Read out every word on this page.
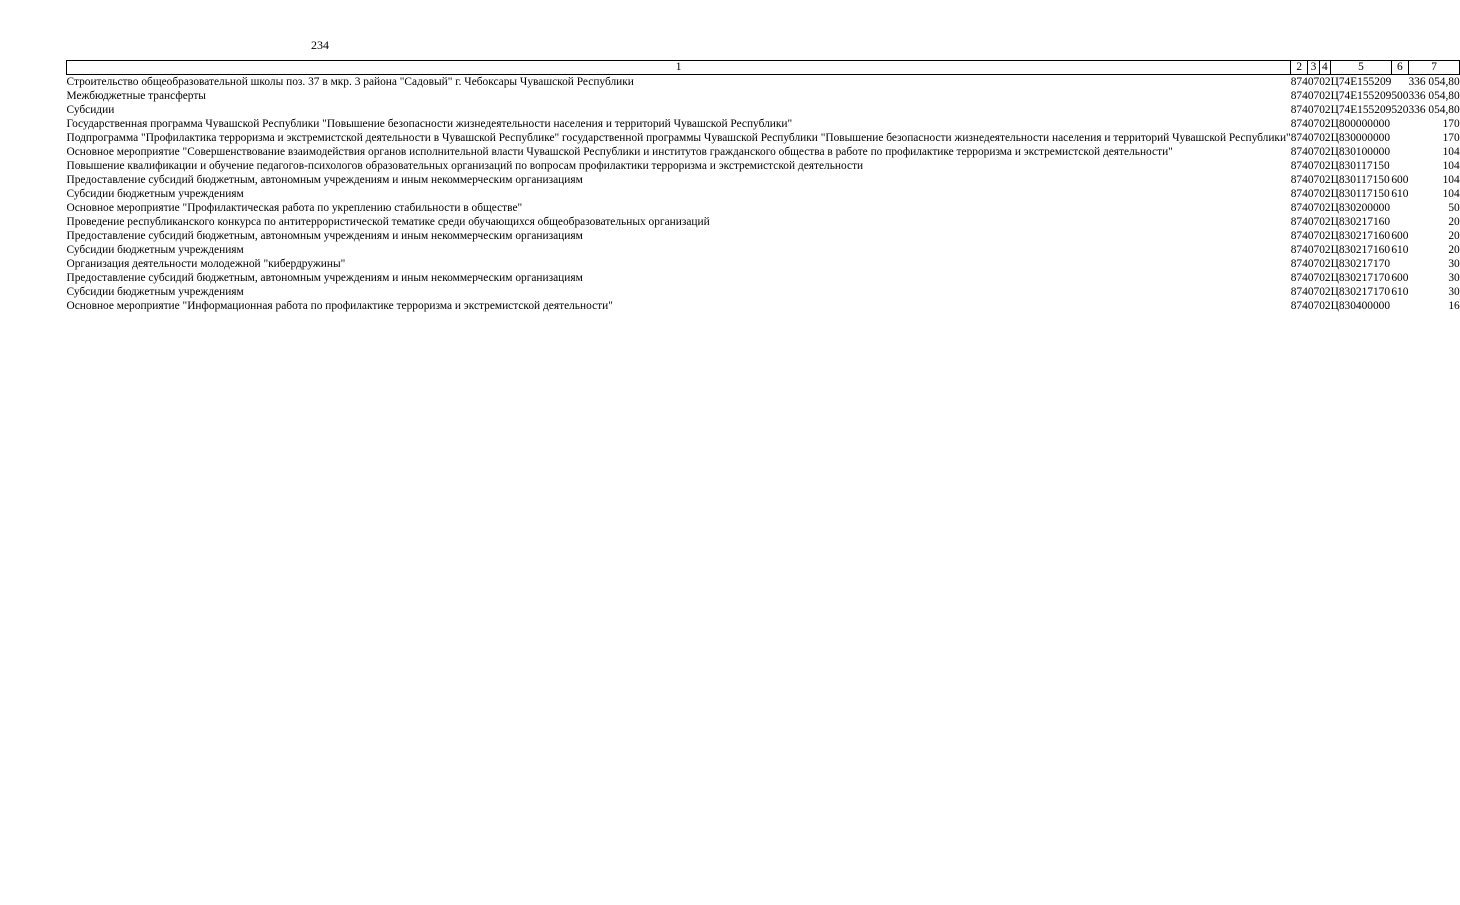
234
1	2	3	4	5	6	7
Строительство общеобразовательной школы поз. 37 в мкр. 3 района "Садовый" г. Чебоксары Чувашской Республики	874	07	02	Ц74E155209		336 054,80
Межбюджетные трансферты	874	07	02	Ц74E155209	500	336 054,80
Субсидии	874	07	02	Ц74E155209	520	336 054,80
Государственная программа Чувашской Республики "Повышение безопасности жизнедеятельности населения и территорий Чувашской Республики"	874	07	02	Ц800000000		170
Подпрограмма "Профилактика терроризма и экстремистской деятельности в Чувашской Республике" государственной программы Чувашской Республики "Повышение безопасности жизнедеятельности населения и территорий Чувашской Республики"	874	07	02	Ц830000000		170
Основное мероприятие "Совершенствование взаимодействия органов исполнительной власти Чувашской Республики и институтов гражданского общества в работе по профилактике терроризма и экстремистской деятельности"	874	07	02	Ц830100000		104
Повышение квалификации и обучение педагогов-психологов образовательных организаций по вопросам профилактики терроризма и экстремистской деятельности	874	07	02	Ц830117150		104
Предоставление субсидий бюджетным, автономным учреждениям и иным некоммерческим организациям	874	07	02	Ц830117150	600	104
Субсидии бюджетным учреждениям	874	07	02	Ц830117150	610	104
Основное мероприятие "Профилактическая работа по укреплению стабильности в обществе"	874	07	02	Ц830200000		50
Проведение республиканского конкурса по антитеррористической тематике среди обучающихся общеобразовательных организаций	874	07	02	Ц830217160		20
Предоставление субсидий бюджетным, автономным учреждениям и иным некоммерческим организациям	874	07	02	Ц830217160	600	20
Субсидии бюджетным учреждениям	874	07	02	Ц830217160	610	20
Организация деятельности молодежной "кибердружины"	874	07	02	Ц830217170		30
Предоставление субсидий бюджетным, автономным учреждениям и иным некоммерческим организациям	874	07	02	Ц830217170	600	30
Субсидии бюджетным учреждениям	874	07	02	Ц830217170	610	30
Основное мероприятие "Информационная работа по профилактике терроризма и экстремистской деятельности"	874	07	02	Ц830400000		16
